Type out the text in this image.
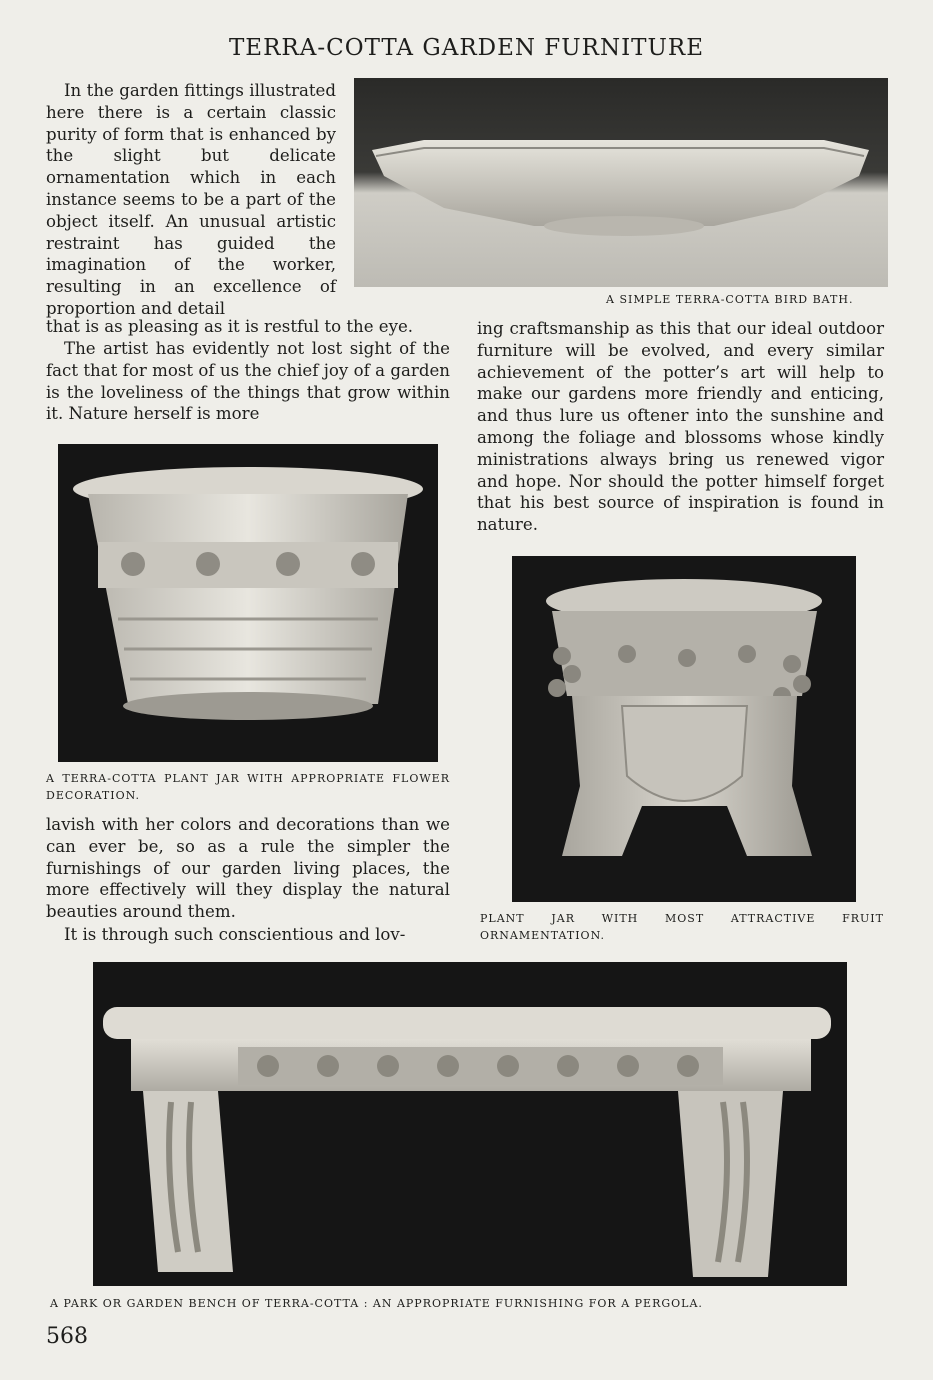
TERRA-COTTA GARDEN FURNITURE
In the garden fittings illustrated here there is a certain classic purity of form that is enhanced by the slight but delicate ornamentation which in each instance seems to be a part of the object itself. An unusual artistic restraint has guided the imagination of the worker, resulting in an excellence of proportion and detail
that is as pleasing as it is restful to the eye.
The artist has evidently not lost sight of the fact that for most of us the chief joy of a garden is the loveliness of the things that grow within it. Nature herself is more

A SIMPLE TERRA-COTTA BIRD BATH.

A TERRA-COTTA PLANT JAR WITH APPROPRIATE FLOWER DECORATION.

lavish with her colors and decorations than we can ever be, so as a rule the simpler the furnishings of our garden living places, the more effectively will they display the natural beauties around them.
It is through such conscientious and lov-
ing craftsmanship as this that our ideal outdoor furniture will be evolved, and every similar achievement of the potter’s art will help to make our gardens more friendly and enticing, and thus lure us oftener into the sunshine and among the foliage and blossoms whose kindly ministrations always bring us renewed vigor and hope. Nor should the potter himself forget that his best source of inspiration is found in nature.

PLANT JAR WITH MOST ATTRACTIVE FRUIT ORNAMENTATION.

A PARK OR GARDEN BENCH OF TERRA-COTTA : AN APPROPRIATE FURNISHING FOR A PERGOLA.

568
